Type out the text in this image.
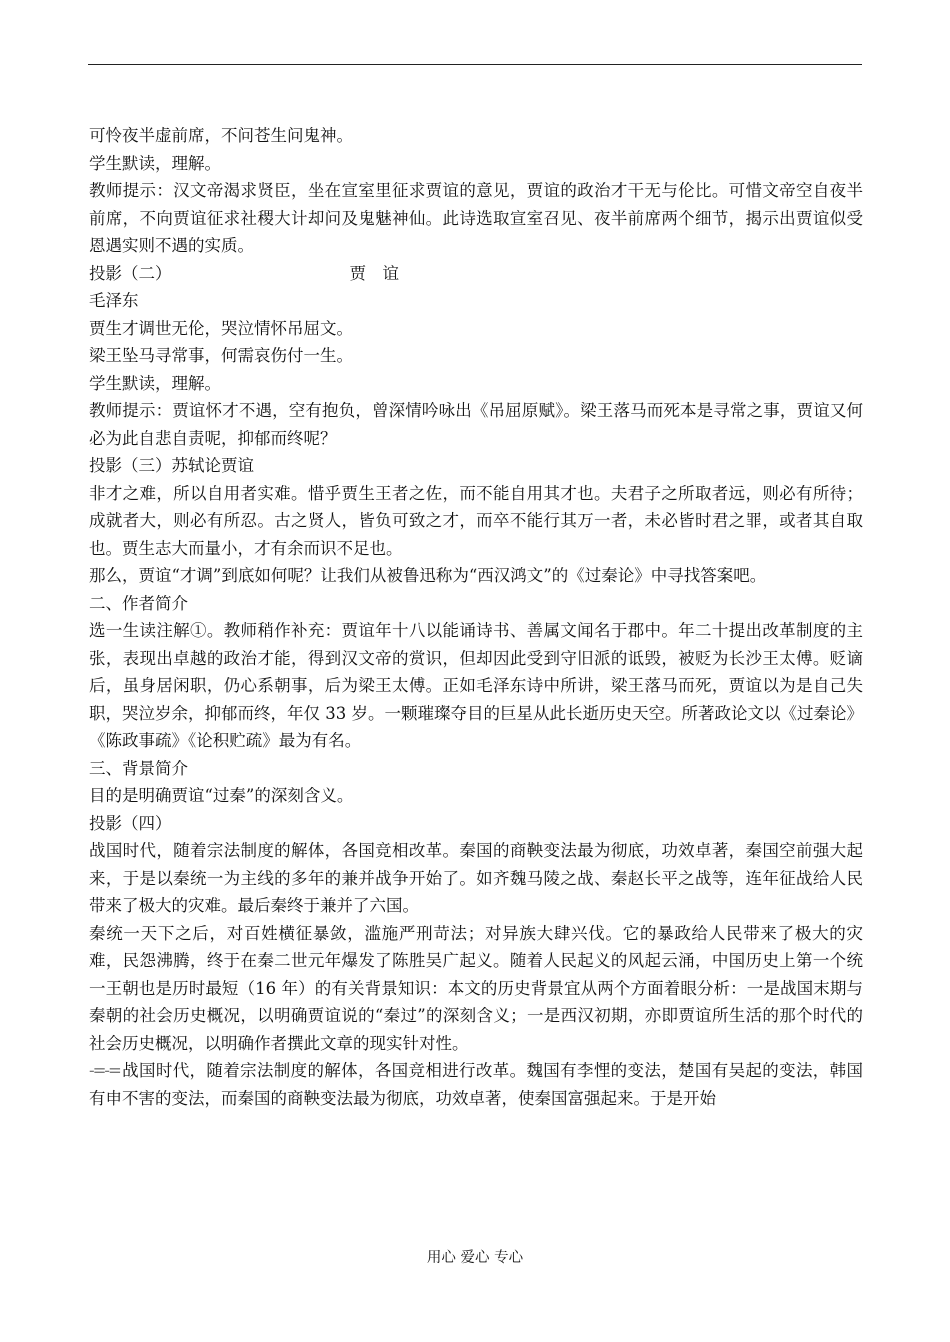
可怜夜半虚前席，不问苍生问鬼神。

学生默读，理解。

教师提示：汉文帝渴求贤臣，坐在宣室里征求贾谊的意见，贾谊的政治才干无与伦比。可惜文帝空自夜半前席，不向贾谊征求社稷大计却问及鬼魅神仙。此诗选取宣室召见、夜半前席两个细节，揭示出贾谊似受恩遇实则不遇的实质。

投影（二）	贾　谊

毛泽东

贾生才调世无伦，哭泣情怀吊屈文。

梁王坠马寻常事，何需哀伤付一生。

学生默读，理解。

教师提示：贾谊怀才不遇，空有抱负，曾深情吟咏出《吊屈原赋》。梁王落马而死本是寻常之事，贾谊又何必为此自悲自责呢，抑郁而终呢？

投影（三）苏轼论贾谊

非才之难，所以自用者实难。惜乎贾生王者之佐，而不能自用其才也。夫君子之所取者远，则必有所待；成就者大，则必有所忍。古之贤人，皆负可致之才，而卒不能行其万一者，未必皆时君之罪，或者其自取也。贾生志大而量小，才有余而识不足也。

那么，贾谊“才调”到底如何呢？让我们从被鲁迅称为“西汉鸿文”的《过秦论》中寻找答案吧。

二、作者简介

选一生读注解①。教师稍作补充：贾谊年十八以能诵诗书、善属文闻名于郡中。年二十提出改革制度的主张，表现出卓越的政治才能，得到汉文帝的赏识，但却因此受到守旧派的诋毁，被贬为长沙王太傅。贬谪后，虽身居闲职，仍心系朝事，后为梁王太傅。正如毛泽东诗中所讲，梁王落马而死，贾谊以为是自己失职，哭泣岁余，抑郁而终，年仅 33 岁。一颗璀璨夺目的巨星从此长逝历史天空。所著政论文以《过秦论》《陈政事疏》《论积贮疏》最为有名。

三、背景简介

目的是明确贾谊“过秦”的深刻含义。

投影（四）

战国时代，随着宗法制度的解体，各国竞相改革。秦国的商鞅变法最为彻底，功效卓著，秦国空前强大起来，于是以秦统一为主线的多年的兼并战争开始了。如齐魏马陵之战、秦赵长平之战等，连年征战给人民带来了极大的灾难。最后秦终于兼并了六国。

秦统一天下之后，对百姓横征暴敛，滥施严刑苛法；对异族大肆兴伐。它的暴政给人民带来了极大的灾难，民怨沸腾，终于在秦二世元年爆发了陈胜吴广起义。随着人民起义的风起云涌，中国历史上第一个统一王朝也是历时最短（16 年）的有关背景知识：本文的历史背景宜从两个方面着眼分析：一是战国末期与秦朝的社会历史概况，以明确贾谊说的“秦过”的深刻含义；一是西汉初期，亦即贾谊所生活的那个时代的社会历史概况，以明确作者撰此文章的现实针对性。

-=-= 战国时代，随着宗法制度的解体，各国竞相进行改革。魏国有李悝的变法，楚国有吴起的变法，韩国有申不害的变法，而秦国的商鞅变法最为彻底，功效卓著，使秦国富强起来。于是开始

用心 爱心 专心
